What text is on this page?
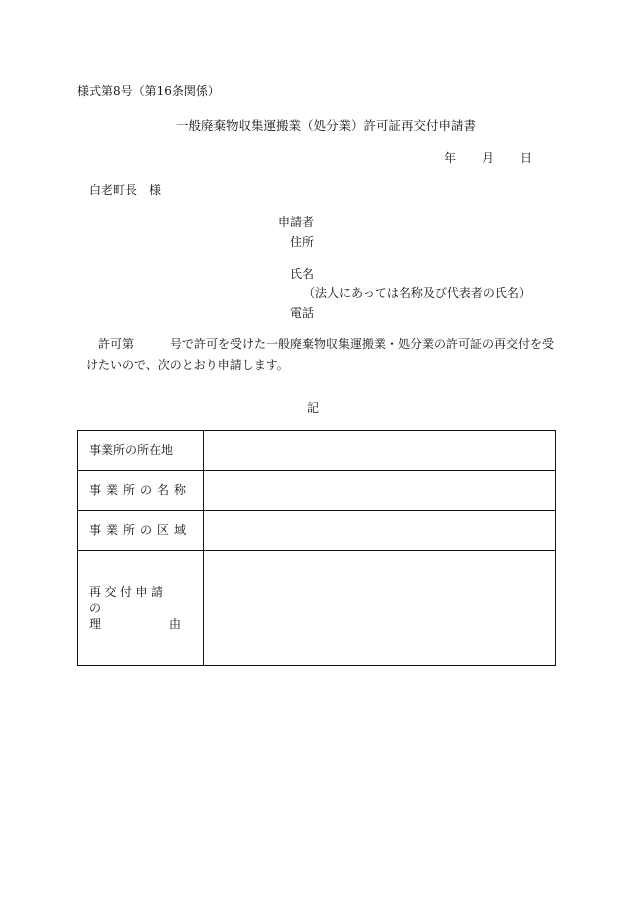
様式第8号（第16条関係）
一般廃棄物収集運搬業（処分業）許可証再交付申請書
年 月 日
白老町長　様
申請者
住所
氏名
（法人にあっては名称及び代表者の氏名）
電話
許可第　　　号で許可を受けた一般廃棄物収集運搬業・処分業の許可証の再交付を受
けたいので、次のとおり申請します。
記
事業所の所在地	
事業所の名称	
事業所の区域	

再交付申請の
理 由	
